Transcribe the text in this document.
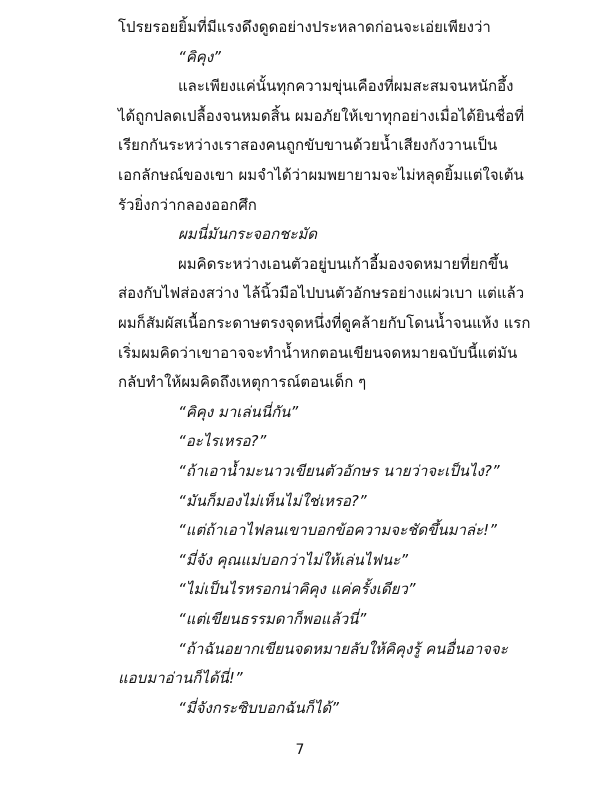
โปรยรอยยิ้มที่มีแรงดึงดูดอย่างประหลาดก่อนจะเอ่ยเพียงว่า
“คิคุง”
และเพียงแค่นั้นทุกความขุ่นเคืองที่ผมสะสมจนหนักอึ้ง
ได้ถูกปลดเปลื้องจนหมดสิ้น ผมอภัยให้เขาทุกอย่างเมื่อได้ยินชื่อที่
เรียกกันระหว่างเราสองคนถูกขับขานด้วยน้ำเสียงกังวานเป็น
เอกลักษณ์ของเขา ผมจำได้ว่าผมพยายามจะไม่หลุดยิ้มแต่ใจเต้น
รัวยิ่งกว่ากลองออกศึก
ผมนี่มันกระจอกชะมัด
ผมคิดระหว่างเอนตัวอยู่บนเก้าอี้มองจดหมายที่ยกขึ้น
ส่องกับไฟส่องสว่าง ไล้นิ้วมือไปบนตัวอักษรอย่างแผ่วเบา แต่แล้ว
ผมก็สัมผัสเนื้อกระดาษตรงจุดหนึ่งที่ดูคล้ายกับโดนน้ำจนแห้ง แรก
เริ่มผมคิดว่าเขาอาจจะทำน้ำหกตอนเขียนจดหมายฉบับนี้แต่มัน
กลับทำให้ผมคิดถึงเหตุการณ์ตอนเด็ก ๆ
“คิคุง มาเล่นนี่กัน”
“อะไรเหรอ?”
“ถ้าเอาน้ำมะนาวเขียนตัวอักษร นายว่าจะเป็นไง?”
“มันก็มองไม่เห็นไม่ใช่เหรอ?”
“แต่ถ้าเอาไฟลนเขาบอกข้อความจะชัดขึ้นมาล่ะ!”
“มี่จัง คุณแม่บอกว่าไม่ให้เล่นไฟนะ”
“ไม่เป็นไรหรอกน่าคิคุง แค่ครั้งเดียว”
“แต่เขียนธรรมดาก็พอแล้วนี่”
“ถ้าฉันอยากเขียนจดหมายลับให้คิคุงรู้ คนอื่นอาจจะ
แอบมาอ่านก็ได้นี่!”
“มี่จังกระซิบบอกฉันก็ได้”
7
